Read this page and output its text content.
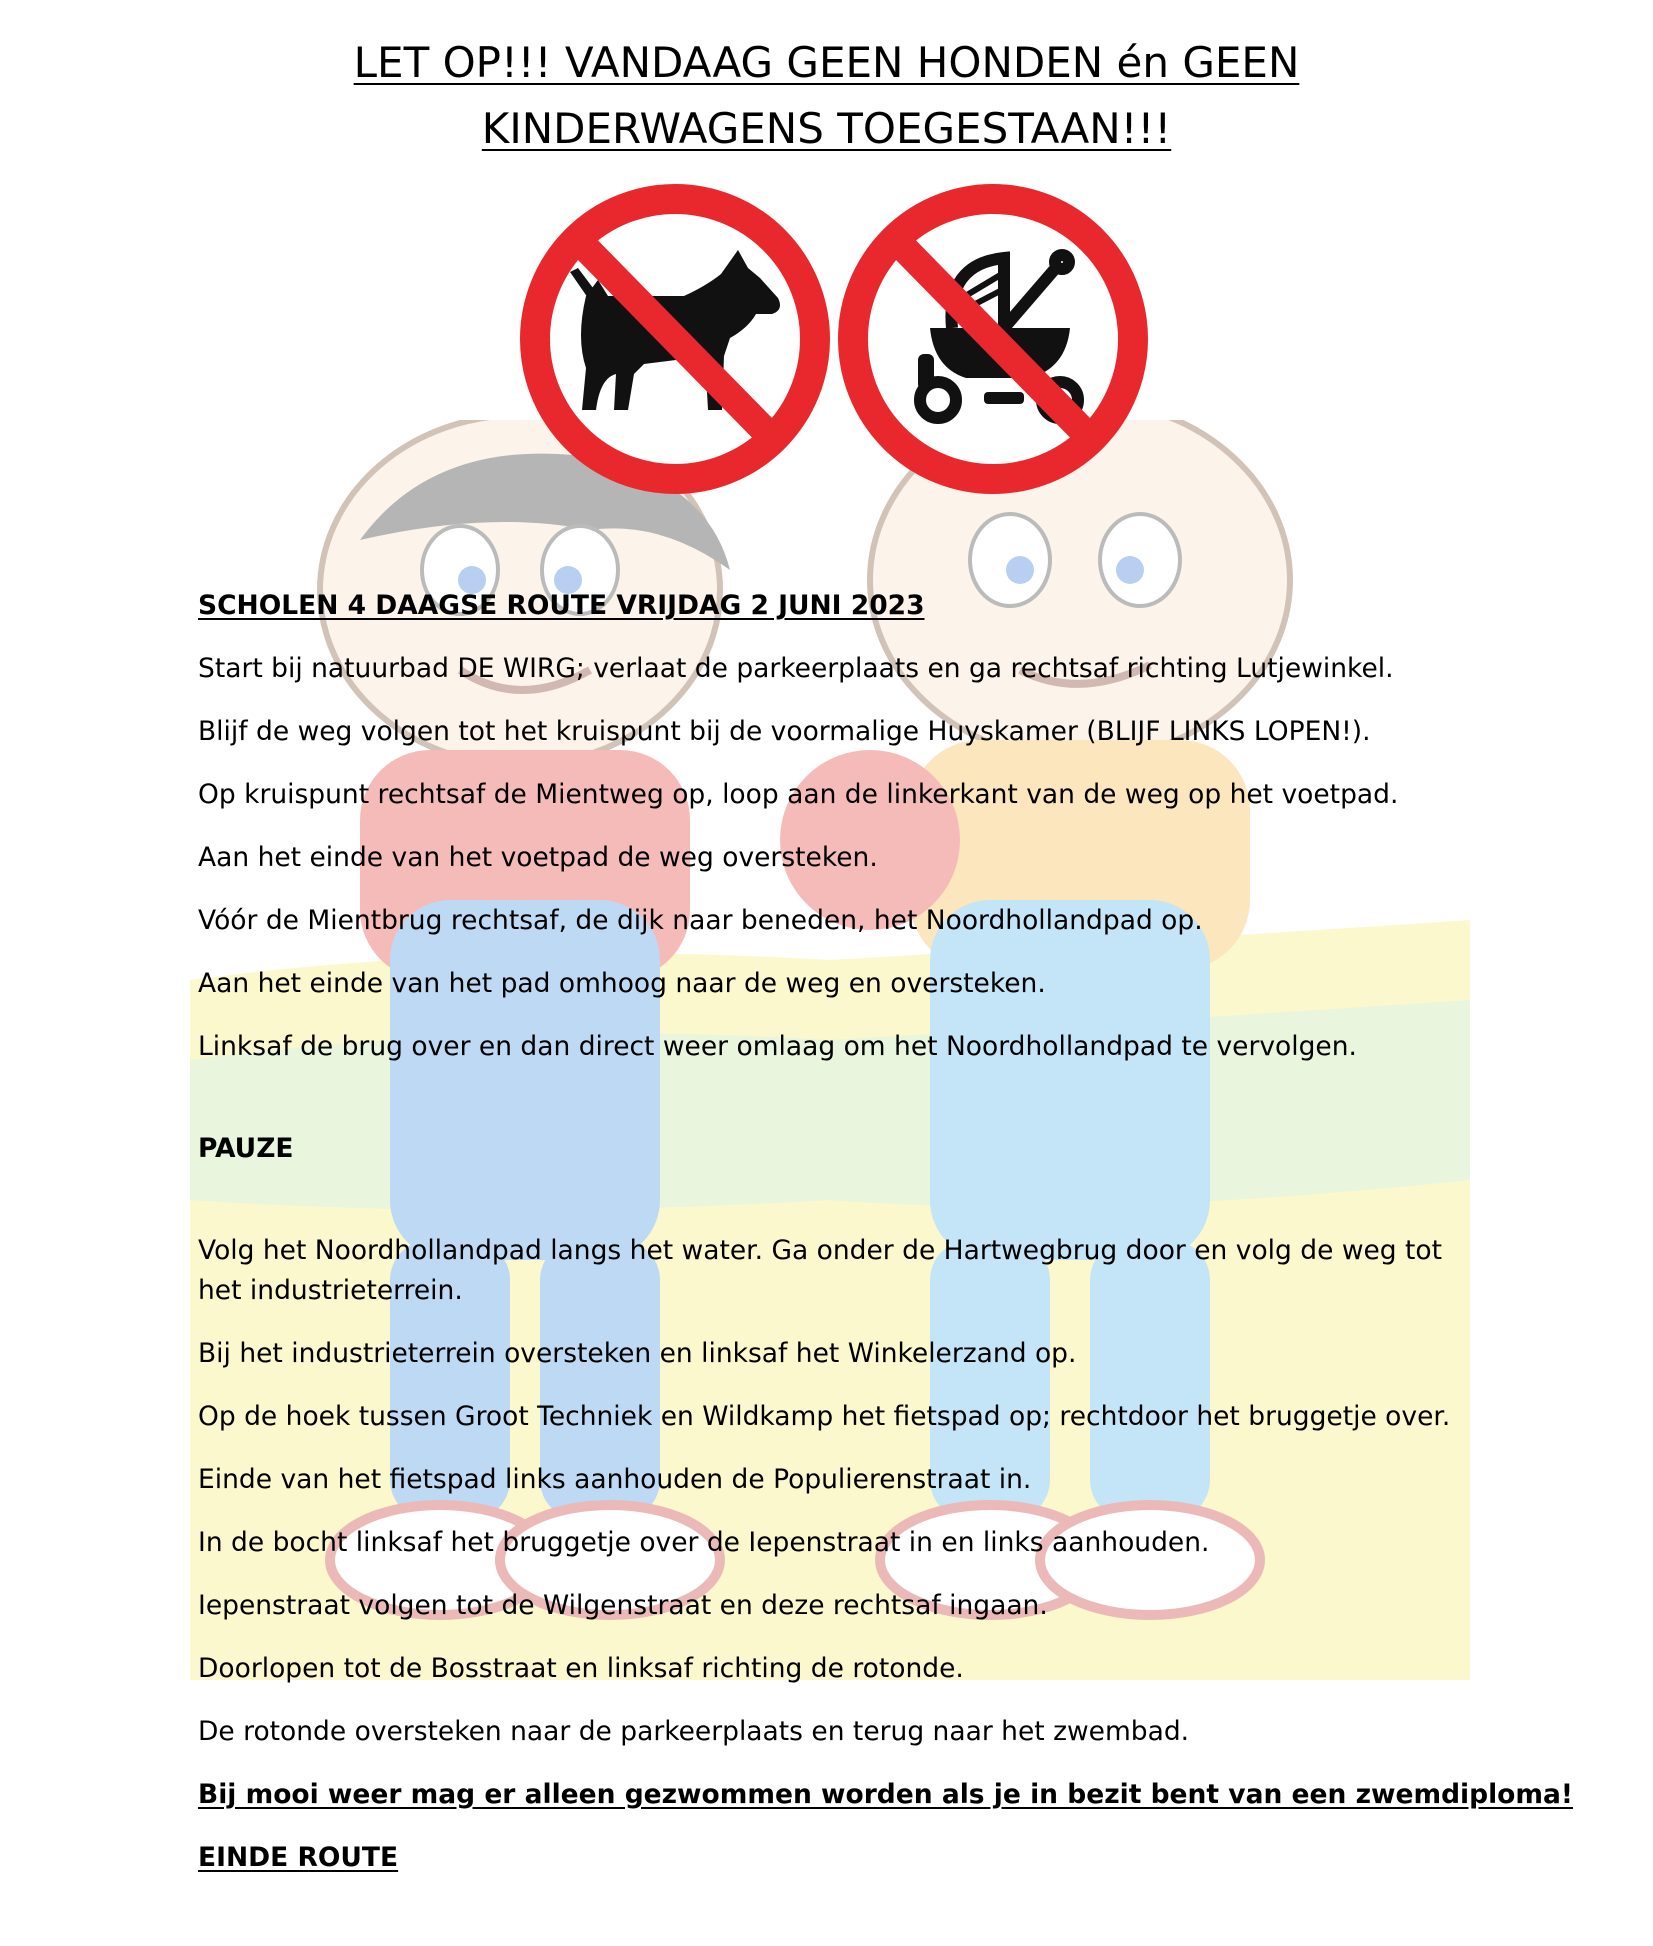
LET OP!!! VANDAAG GEEN HONDEN én GEEN
KINDERWAGENS TOEGESTAAN!!!

SCHOLEN 4 DAAGSE ROUTE VRIJDAG 2 JUNI 2023

Start bij natuurbad DE WIRG; verlaat de parkeerplaats en ga rechtsaf richting Lutjewinkel.

Blijf de weg volgen tot het kruispunt bij de voormalige Huyskamer (BLIJF LINKS LOPEN!).

Op kruispunt rechtsaf de Mientweg op, loop aan de linkerkant van de weg op het voetpad.

Aan het einde van het voetpad de weg oversteken.

Vóór de Mientbrug rechtsaf, de dijk naar beneden, het Noordhollandpad op.

Aan het einde van het pad omhoog naar de weg en oversteken.

Linksaf de brug over en dan direct weer omlaag om het Noordhollandpad te vervolgen.

PAUZE

Volg het Noordhollandpad langs het water. Ga onder de Hartwegbrug door en volg de weg tot het industrieterrein.

Bij het industrieterrein oversteken en linksaf het Winkelerzand op.

Op de hoek tussen Groot Techniek en Wildkamp het fietspad op; rechtdoor het bruggetje over.

Einde van het fietspad links aanhouden de Populierenstraat in.

In de bocht linksaf het bruggetje over de Iepenstraat in en links aanhouden.

Iepenstraat volgen tot de Wilgenstraat en deze rechtsaf ingaan.

Doorlopen tot de Bosstraat en linksaf richting de rotonde.

De rotonde oversteken naar de parkeerplaats en terug naar het zwembad.

Bij mooi weer mag er alleen gezwommen worden als je in bezit bent van een zwemdiploma!

EINDE ROUTE
